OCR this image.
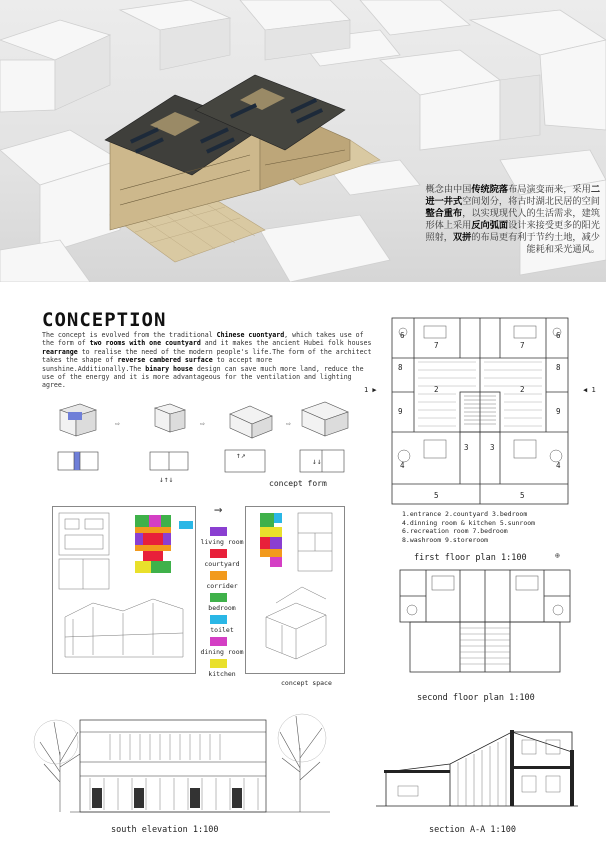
概念由中国传统院落布局演变而来，采用二进一井式空间划分，将古时湖北民居的空间整合重布，以实现现代人的生活需求，建筑形体上采用反向弧面设计来接受更多的阳光照射，双拼的布局更有利于节约土地，减少能耗和采光通风。
CONCEPTION
The concept is evolved from the traditional Chinese cuontyard, which takes use of the form of two rooms with one countyard and it makes the ancient Hubei folk houses rearrange to realise the need of the modern people's life.The form of the architect takes the shape of reverse cambered surface to accept more sunshine.Additionally.The binary house design can save much more land, reduce the use of the energy and it is more advantageous for the ventilation and lighting agree.
⇨	⇨	⇨
↓↑↓
↑↗
↓↓
concept form
→
living room
courtyard
corrider
bedroom
toilet
dining room
kitchen
concept space
1 ▶	◀ 1
6
7
8
2
9
3
4
5
6
7
8
2
9
3
4
5
1.entrance 2.countyard 3.bedroom
4.dinning room & kitchen 5.sunroom
6.recreation room 7.bedroom
8.washroom 9.storeroom
first floor plan 1:100	⊕
second floor plan 1:100
south elevation 1:100	section A-A 1:100
